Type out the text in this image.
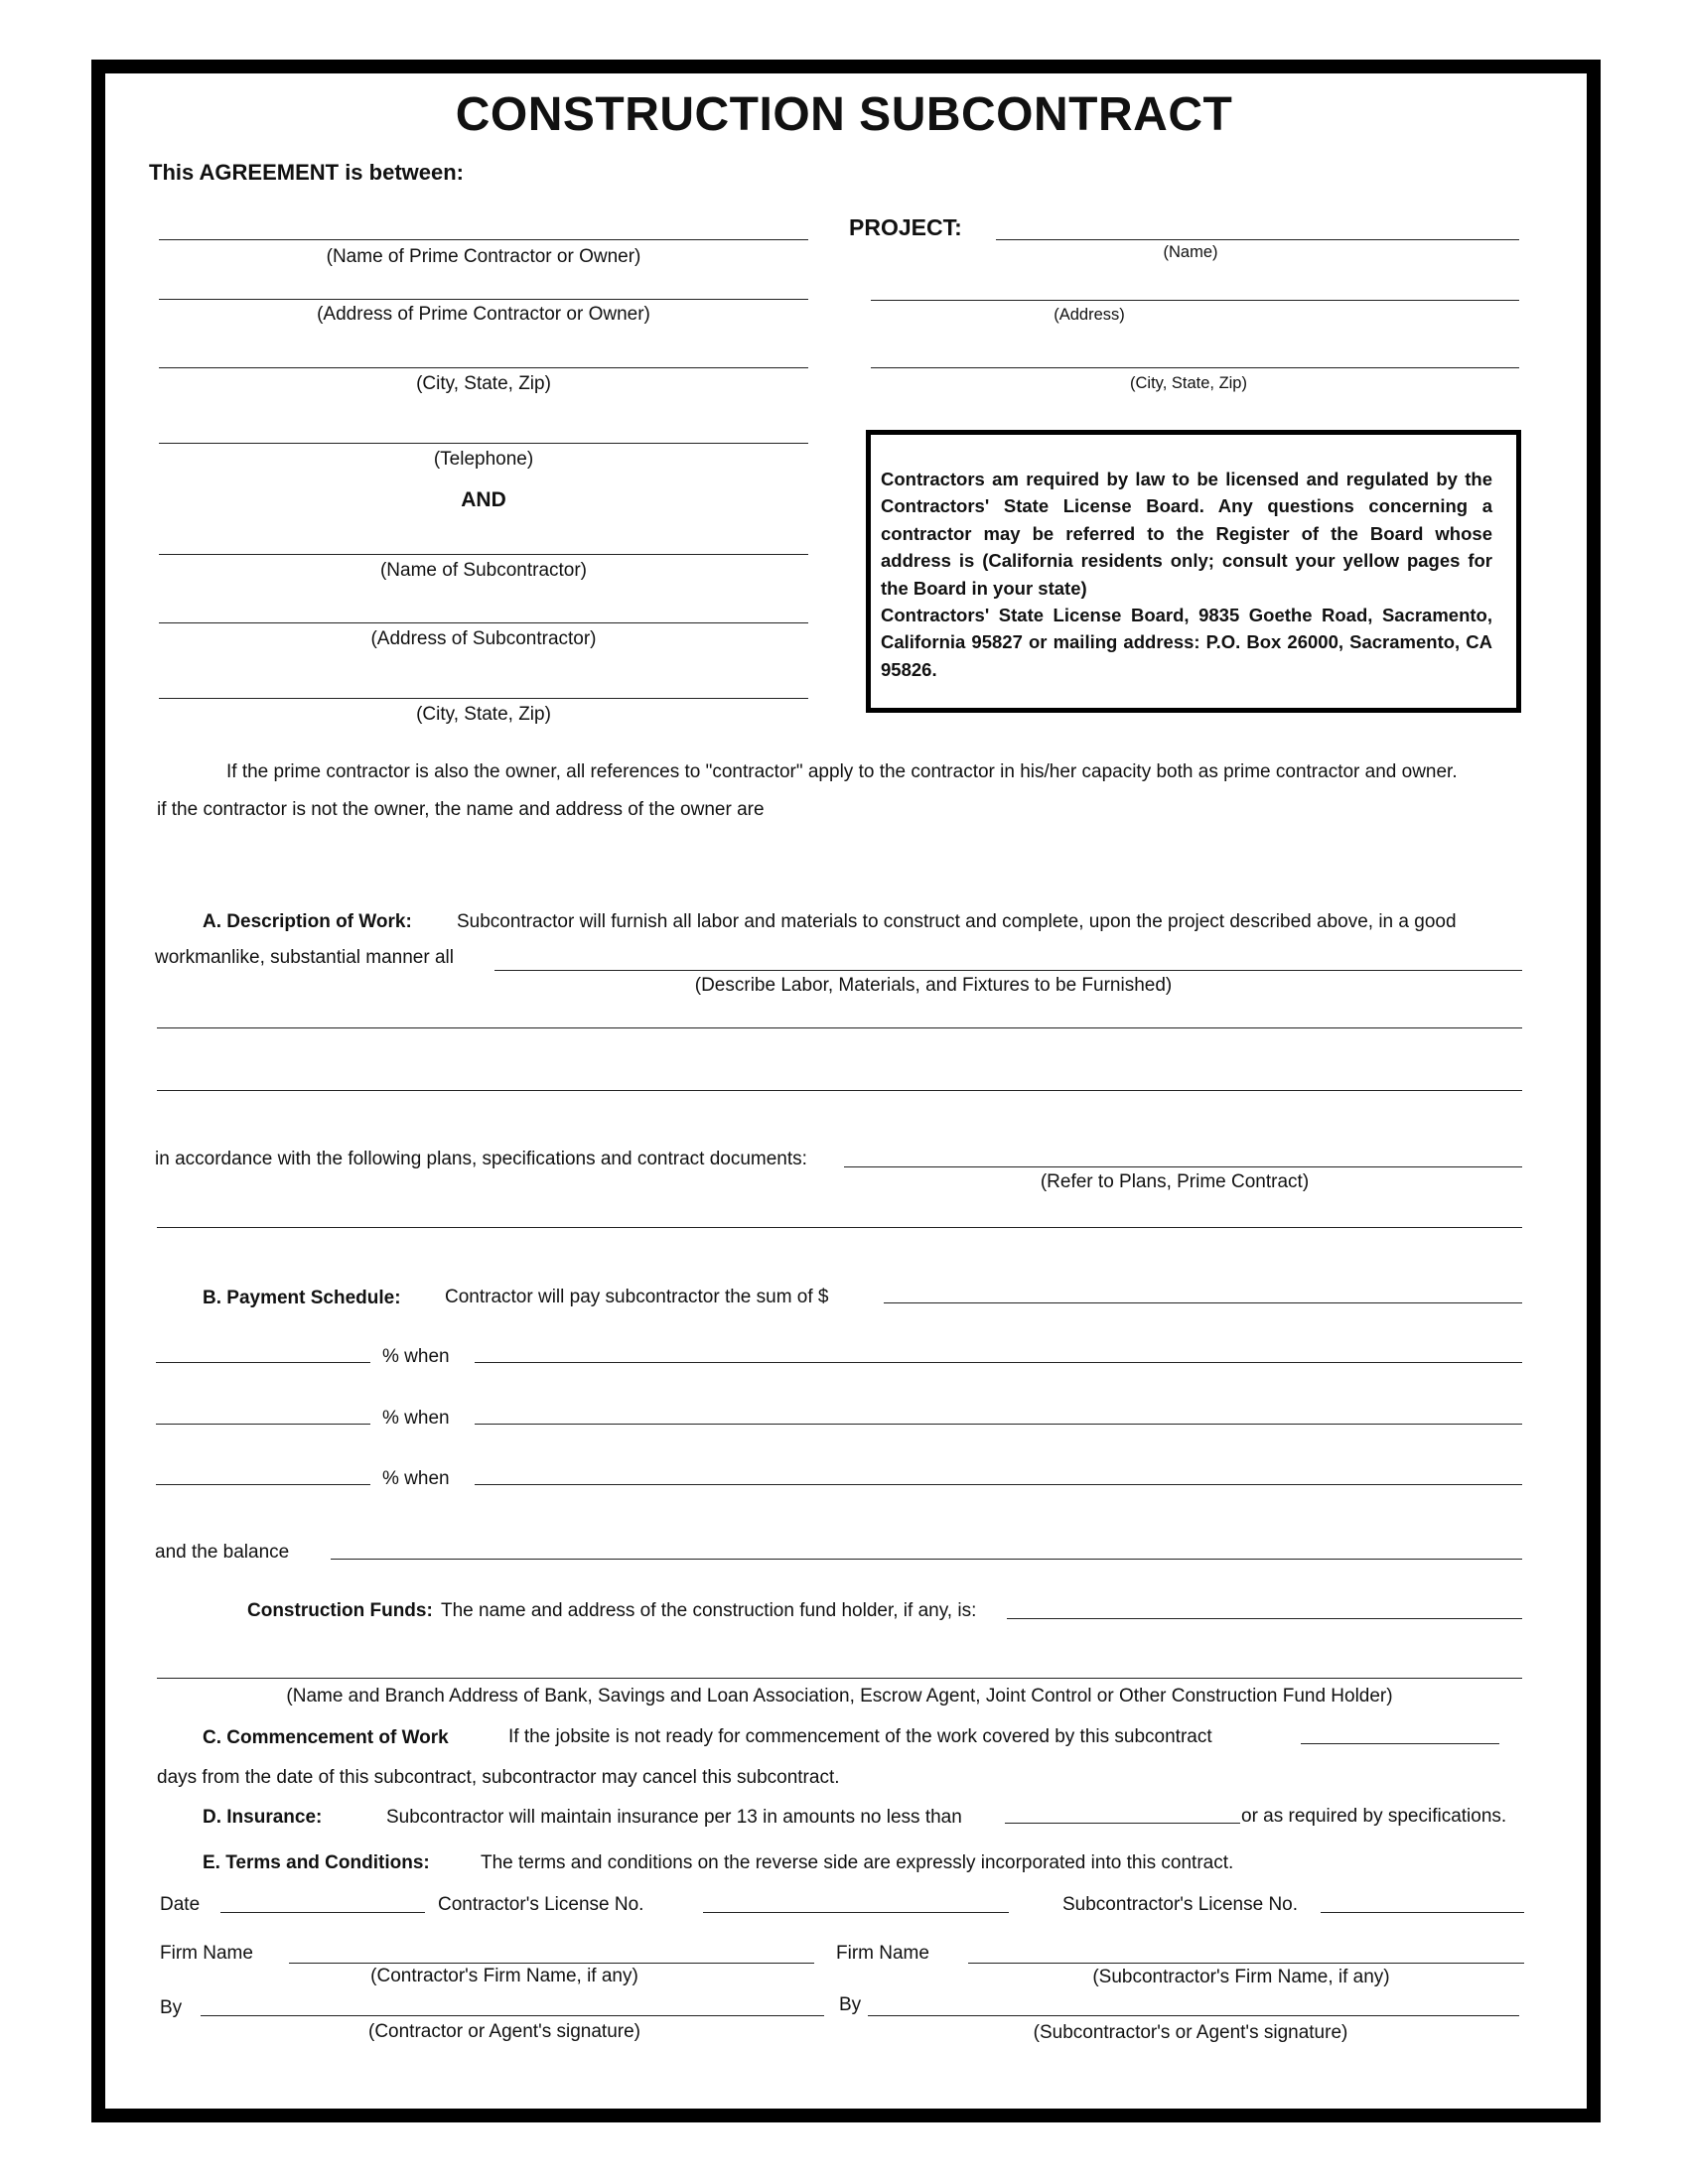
CONSTRUCTION SUBCONTRACT
This AGREEMENT is between:
(Name of Prime Contractor or Owner)
(Address of Prime Contractor or Owner)
(City, State, Zip)
(Telephone)
AND
(Name of Subcontractor)
(Address of Subcontractor)
(City, State, Zip)
PROJECT:
(Name)
(Address)
(City, State, Zip)

Contractors am required by law to be licensed and regulated by the Contractors' State License Board. Any questions concerning a contractor may be referred to the Register of the Board whose address is (California residents only; consult your yellow pages for the Board in your state)

Contractors' State License Board, 9835 Goethe Road, Sacramento, California 95827 or mailing address: P.O. Box 26000, Sacramento, CA 95826.

If the prime contractor is also the owner, all references to "contractor" apply to the contractor in his/her capacity both as prime contractor and owner.
if the contractor is not the owner, the name and address of the owner are
A. Description of Work: Subcontractor will furnish all labor and materials to construct and complete, upon the project described above, in a good
workmanlike, substantial manner all
(Describe Labor, Materials, and Fixtures to be Furnished)
in accordance with the following plans, specifications and contract documents:
(Refer to Plans, Prime Contract)
B. Payment Schedule: Contractor will pay subcontractor the sum of $
% when
% when
% when
and the balance
Construction Funds: The name and address of the construction fund holder, if any, is:
(Name and Branch Address of Bank, Savings and Loan Association, Escrow Agent, Joint Control or Other Construction Fund Holder)
C. Commencement of Work	If the jobsite is not ready for commencement of the work covered by this subcontract
days from the date of this subcontract, subcontractor may cancel this subcontract.
D. Insurance:	Subcontractor will maintain insurance per 13 in amounts no less than	or as required by specifications.
E. Terms and Conditions:	The terms and conditions on the reverse side are expressly incorporated into this contract.
Date	Contractor's License No.	Subcontractor's License No.
Firm Name
(Contractor's Firm Name, if any)
Firm Name
(Subcontractor's Firm Name, if any)
By
(Contractor or Agent's signature)
By
(Subcontractor's or Agent's signature)
